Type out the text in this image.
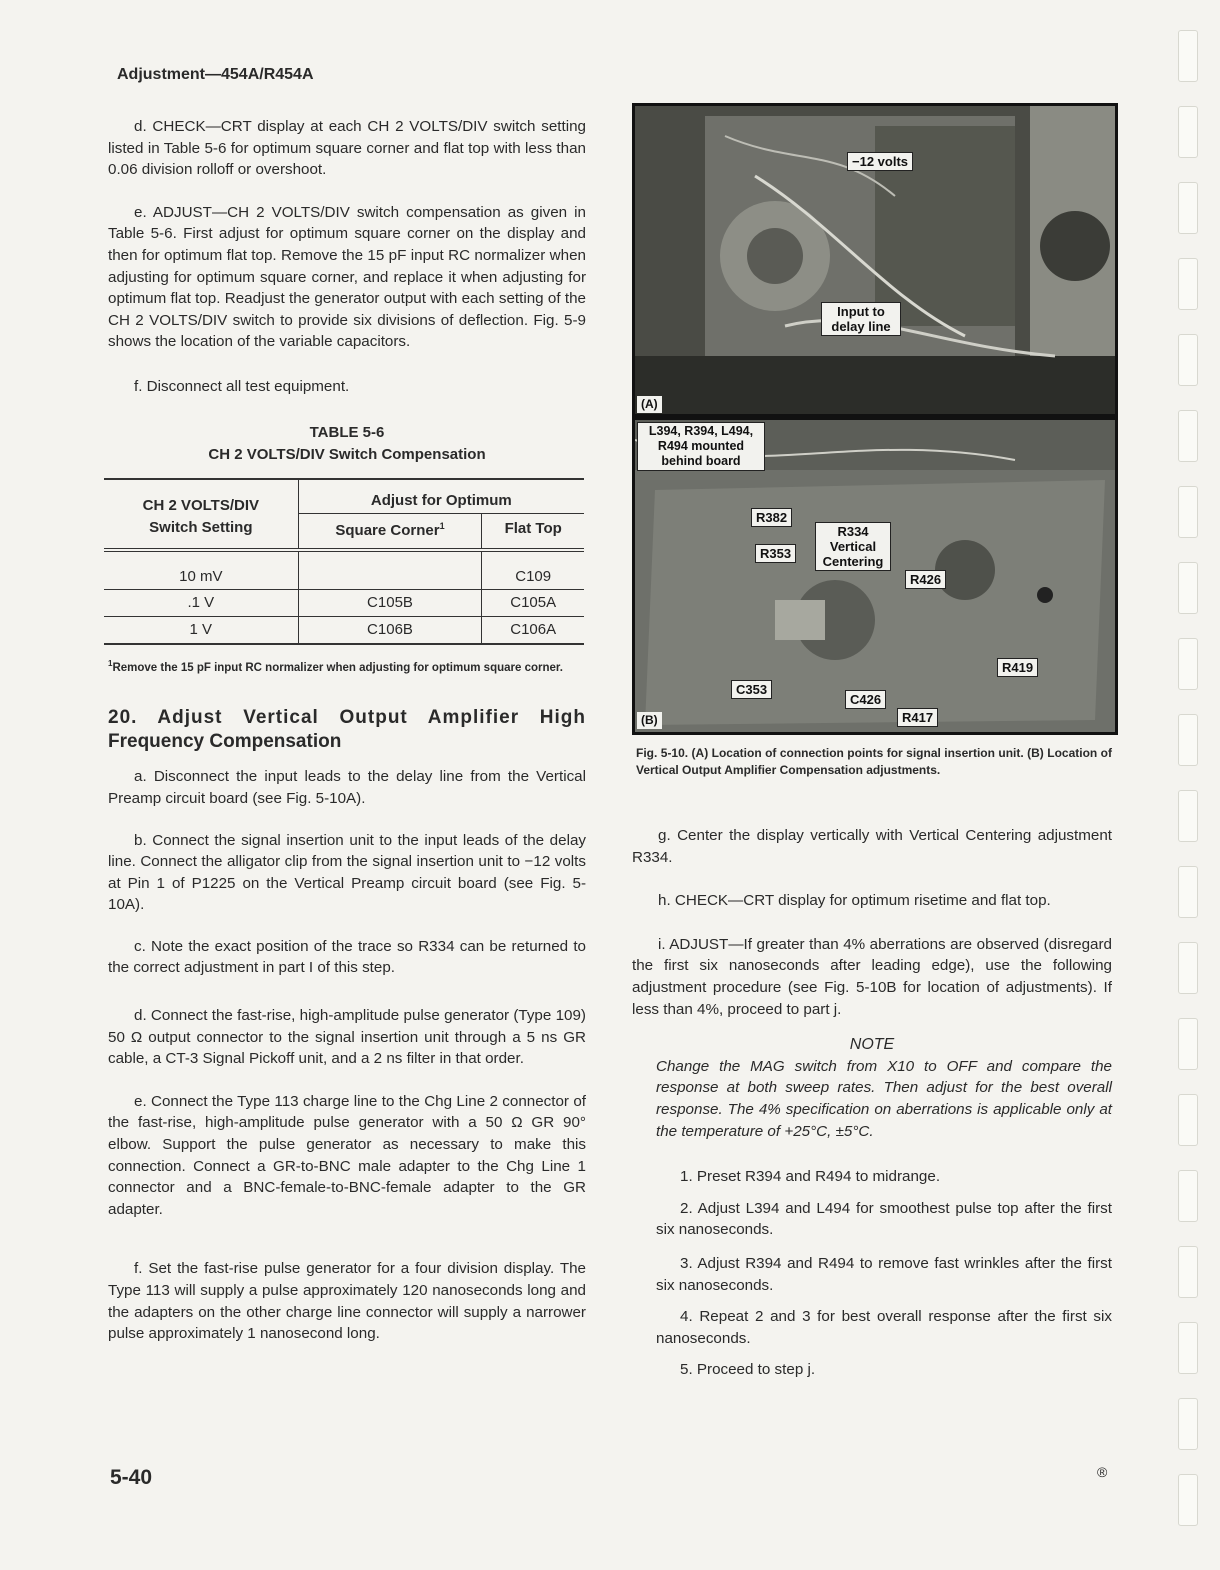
Adjustment—454A/R454A

d. CHECK—CRT display at each CH 2 VOLTS/DIV switch setting listed in Table 5-6 for optimum square corner and flat top with less than 0.06 division rolloff or overshoot.

e. ADJUST—CH 2 VOLTS/DIV switch compensation as given in Table 5-6. First adjust for optimum square corner on the display and then for optimum flat top. Remove the 15 pF input RC normalizer when adjusting for optimum square corner, and replace it when adjusting for optimum flat top. Readjust the generator output with each setting of the CH 2 VOLTS/DIV switch to provide six divisions of deflection. Fig. 5-9 shows the location of the variable capacitors.

f. Disconnect all test equipment.

TABLE 5-6
CH 2 VOLTS/DIV Switch Compensation
CH 2 VOLTS/DIV
Switch Setting	Adjust for Optimum	
	Square Corner$^1$	Flat Top
10 mV		C109
.1 V	C105B	C105A
1 V	C106B	C106A

$^1$Remove the 15 pF input RC normalizer when adjusting for optimum square corner.

20. Adjust Vertical Output Amplifier High
Frequency Compensation

a. Disconnect the input leads to the delay line from the Vertical Preamp circuit board (see Fig. 5-10A).

b. Connect the signal insertion unit to the input leads of the delay line. Connect the alligator clip from the signal insertion unit to −12 volts at Pin 1 of P1225 on the Vertical Preamp circuit board (see Fig. 5-10A).

c. Note the exact position of the trace so R334 can be returned to the correct adjustment in part I of this step.

d. Connect the fast-rise, high-amplitude pulse generator (Type 109) 50 Ω output connector to the signal insertion unit through a 5 ns GR cable, a CT-3 Signal Pickoff unit, and a 2 ns filter in that order.

e. Connect the Type 113 charge line to the Chg Line 2 connector of the fast-rise, high-amplitude pulse generator with a 50 Ω GR 90° elbow. Support the pulse generator as necessary to make this connection. Connect a GR-to-BNC male adapter to the Chg Line 1 connector and a BNC-female-to-BNC-female adapter to the GR adapter.

f. Set the fast-rise pulse generator for a four division display. The Type 113 will supply a pulse approximately 120 nanoseconds long and the adapters on the other charge line connector will supply a narrower pulse approximately 1 nanosecond long.

−12 volts
Input to delay line
(A)
L394, R394, L494, R494 mounted behind board
R382
R353
R334 Vertical Centering
R426
R419
C353
C426
R417
(B)
Fig. 5-10. (A) Location of connection points for signal insertion unit. (B) Location of Vertical Output Amplifier Compensation adjustments.

g. Center the display vertically with Vertical Centering adjustment R334.

h. CHECK—CRT display for optimum risetime and flat top.

i. ADJUST—If greater than 4% aberrations are observed (disregard the first six nanoseconds after leading edge), use the following adjustment procedure (see Fig. 5-10B for location of adjustments). If less than 4%, proceed to part j.

NOTE

Change the MAG switch from X10 to OFF and compare the response at both sweep rates. Then adjust for the best overall response. The 4% specification on aberrations is applicable only at the temperature of +25°C, ±5°C.

1. Preset R394 and R494 to midrange.

2. Adjust L394 and L494 for smoothest pulse top after the first six nanoseconds.

3. Adjust R394 and R494 to remove fast wrinkles after the first six nanoseconds.

4. Repeat 2 and 3 for best overall response after the first six nanoseconds.

5. Proceed to step j.

5-40	®
